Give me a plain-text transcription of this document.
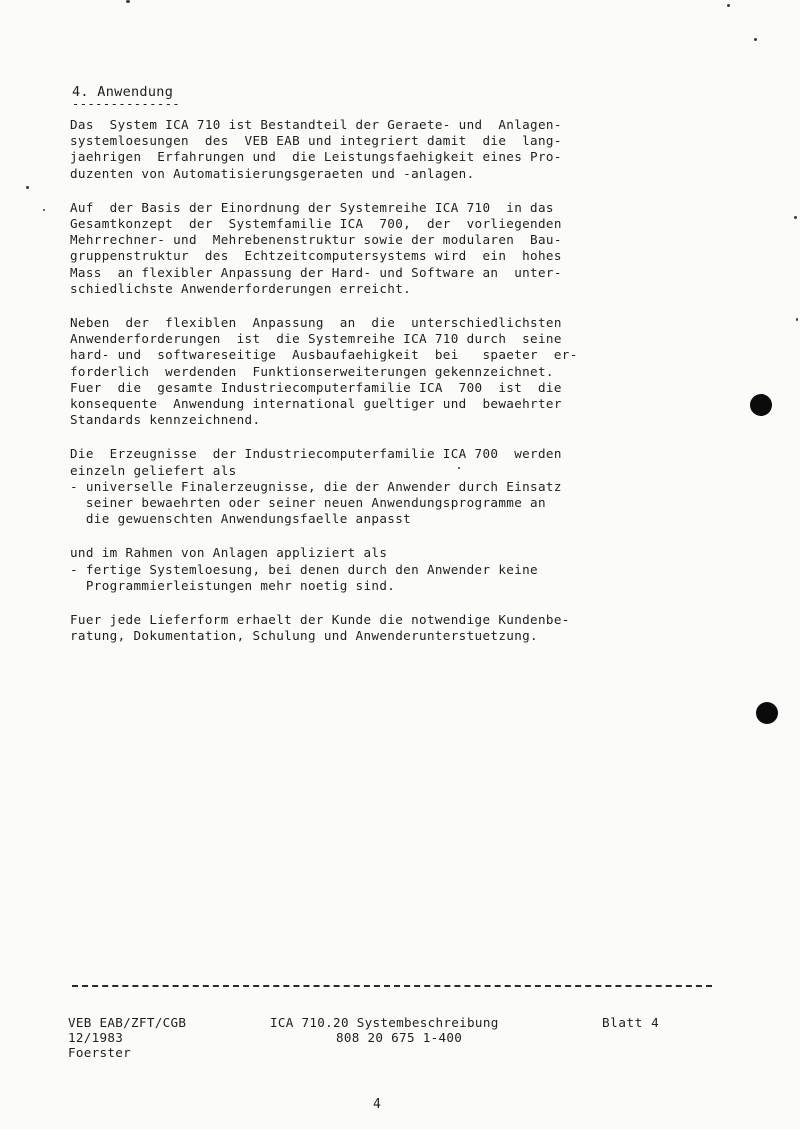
4. Anwendung
--------------
Das  System ICA 710 ist Bestandteil der Geraete- und  Anlagen-
systemloesungen  des  VEB EAB und integriert damit  die  lang-
jaehrigen  Erfahrungen und  die Leistungsfaehigkeit eines Pro-
duzenten von Automatisierungsgeraeten und -anlagen.
Auf  der Basis der Einordnung der Systemreihe ICA 710  in das
Gesamtkonzept  der  Systemfamilie ICA  700,  der  vorliegenden
Mehrrechner- und  Mehrebenenstruktur sowie der modularen  Bau-
gruppenstruktur  des  Echtzeitcomputersystems wird  ein  hohes
Mass  an flexibler Anpassung der Hard- und Software an  unter-
schiedlichste Anwenderforderungen erreicht.
Neben  der  flexiblen  Anpassung  an  die  unterschiedlichsten
Anwenderforderungen  ist  die Systemreihe ICA 710 durch  seine
hard- und  softwareseitige  Ausbaufaehigkeit  bei   spaeter  er-
forderlich  werdenden  Funktionserweiterungen gekennzeichnet.
Fuer  die  gesamte Industriecomputerfamilie ICA  700  ist  die
konsequente  Anwendung international gueltiger und  bewaehrter
Standards kennzeichnend.
Die  Erzeugnisse  der Industriecomputerfamilie ICA 700  werden
einzeln geliefert als
- universelle Finalerzeugnisse, die der Anwender durch Einsatz
seiner bewaehrten oder seiner neuen Anwendungsprogramme an
die gewuenschten Anwendungsfaelle anpasst
und im Rahmen von Anlagen appliziert als
- fertige Systemloesung, bei denen durch den Anwender keine
Programmierleistungen mehr noetig sind.
Fuer jede Lieferform erhaelt der Kunde die notwendige Kundenbe-
ratung, Dokumentation, Schulung und Anwenderunterstuetzung.
VEB EAB/ZFT/CGB
12/1983
Foerster
ICA 710.20 Systembeschreibung
808 20 675 1-400
Blatt 4
4
